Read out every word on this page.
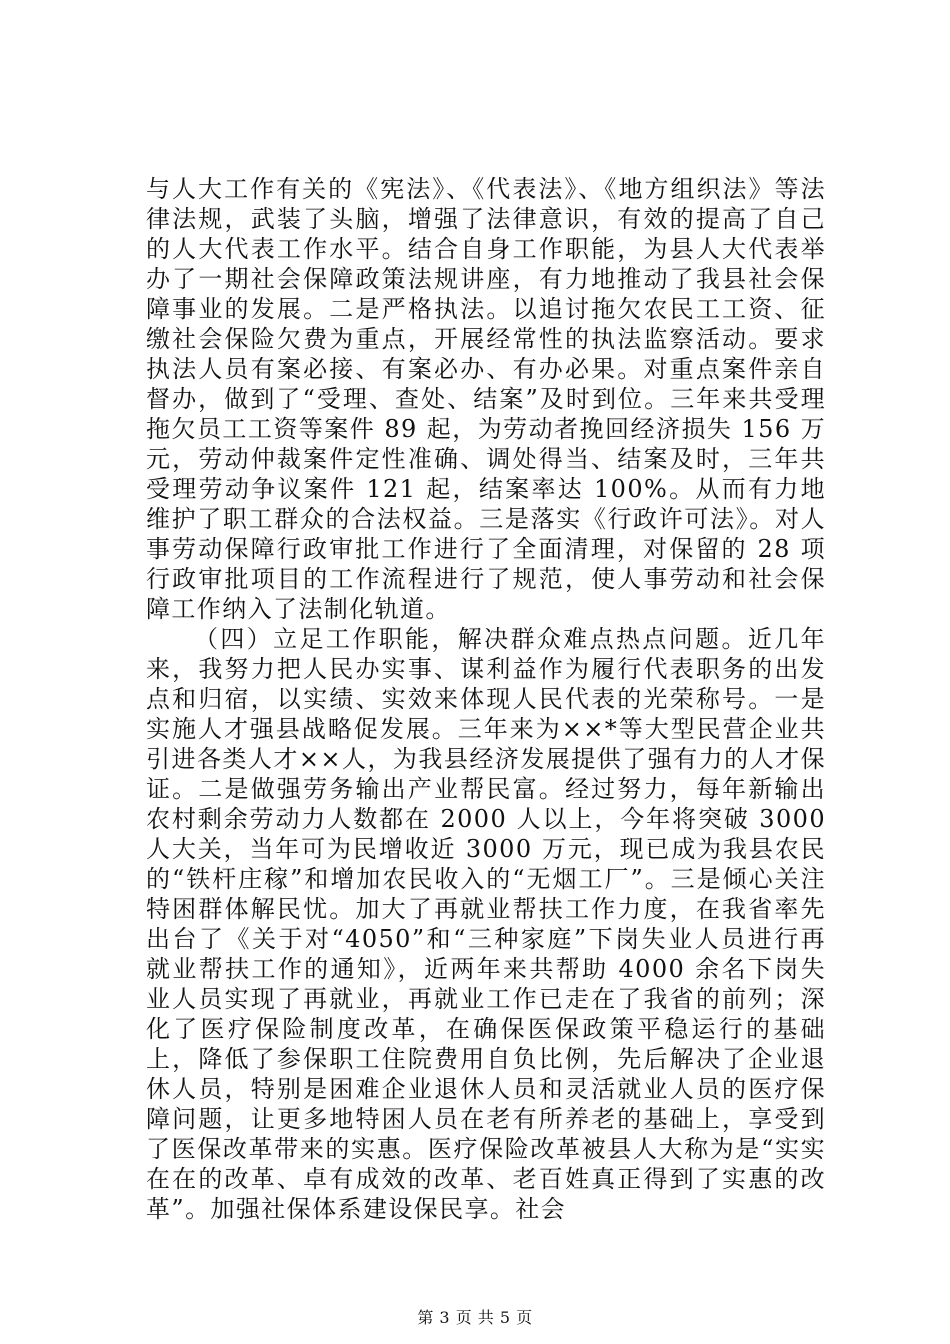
与人大工作有关的《宪法》、《代表法》、《地方组织法》等法律法规，武装了头脑，增强了法律意识，有效的提高了自己的人大代表工作水平。结合自身工作职能，为县人大代表举办了一期社会保障政策法规讲座，有力地推动了我县社会保障事业的发展。二是严格执法。以追讨拖欠农民工工资、征缴社会保险欠费为重点，开展经常性的执法监察活动。要求执法人员有案必接、有案必办、有办必果。对重点案件亲自督办，做到了“受理、查处、结案”及时到位。三年来共受理拖欠员工工资等案件 89 起，为劳动者挽回经济损失 156 万元，劳动仲裁案件定性准确、调处得当、结案及时，三年共受理劳动争议案件 121 起，结案率达 100%。从而有力地维护了职工群众的合法权益。三是落实《行政许可法》。对人事劳动保障行政审批工作进行了全面清理，对保留的 28 项行政审批项目的工作流程进行了规范，使人事劳动和社会保障工作纳入了法制化轨道。

（四）立足工作职能，解决群众难点热点问题。近几年来，我努力把人民办实事、谋利益作为履行代表职务的出发点和归宿，以实绩、实效来体现人民代表的光荣称号。一是实施人才强县战略促发展。三年来为××*等大型民营企业共引进各类人才××人，为我县经济发展提供了强有力的人才保证。二是做强劳务输出产业帮民富。经过努力，每年新输出农村剩余劳动力人数都在 2000 人以上，今年将突破 3000 人大关，当年可为民增收近 3000 万元，现已成为我县农民的“铁杆庄稼”和增加农民收入的“无烟工厂”。三是倾心关注特困群体解民忧。加大了再就业帮扶工作力度，在我省率先出台了《关于对“4050”和“三种家庭”下岗失业人员进行再就业帮扶工作的通知》，近两年来共帮助 4000 余名下岗失业人员实现了再就业，再就业工作已走在了我省的前列；深化了医疗保险制度改革，在确保医保政策平稳运行的基础上，降低了参保职工住院费用自负比例，先后解决了企业退休人员，特别是困难企业退休人员和灵活就业人员的医疗保障问题，让更多地特困人员在老有所养老的基础上，享受到了医保改革带来的实惠。医疗保险改革被县人大称为是“实实在在的改革、卓有成效的改革、老百姓真正得到了实惠的改革”。加强社保体系建设保民享。社会

第 3 页 共 5 页
